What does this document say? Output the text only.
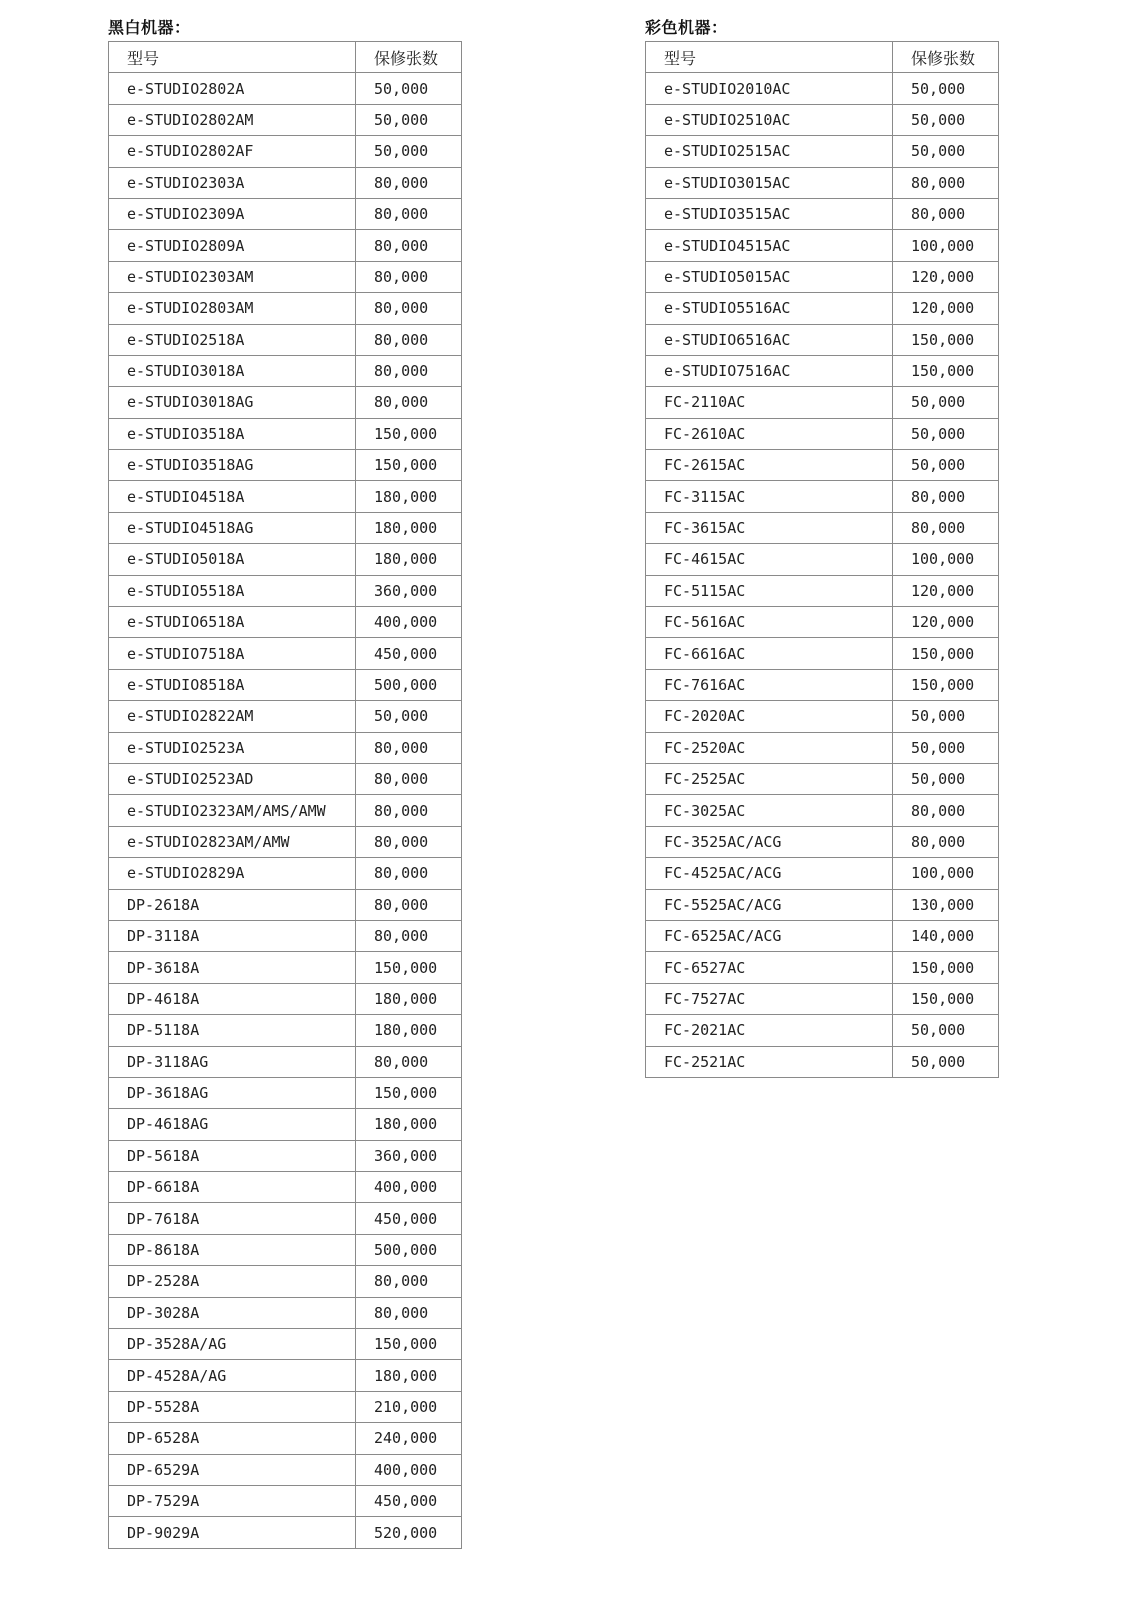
黑白机器：
型号	保修张数
e-STUDIO2802A	50,000
e-STUDIO2802AM	50,000
e-STUDIO2802AF	50,000
e-STUDIO2303A	80,000
e-STUDIO2309A	80,000
e-STUDIO2809A	80,000
e-STUDIO2303AM	80,000
e-STUDIO2803AM	80,000
e-STUDIO2518A	80,000
e-STUDIO3018A	80,000
e-STUDIO3018AG	80,000
e-STUDIO3518A	150,000
e-STUDIO3518AG	150,000
e-STUDIO4518A	180,000
e-STUDIO4518AG	180,000
e-STUDIO5018A	180,000
e-STUDIO5518A	360,000
e-STUDIO6518A	400,000
e-STUDIO7518A	450,000
e-STUDIO8518A	500,000
e-STUDIO2822AM	50,000
e-STUDIO2523A	80,000
e-STUDIO2523AD	80,000
e-STUDIO2323AM/AMS/AMW	80,000
e-STUDIO2823AM/AMW	80,000
e-STUDIO2829A	80,000
DP-2618A	80,000
DP-3118A	80,000
DP-3618A	150,000
DP-4618A	180,000
DP-5118A	180,000
DP-3118AG	80,000
DP-3618AG	150,000
DP-4618AG	180,000
DP-5618A	360,000
DP-6618A	400,000
DP-7618A	450,000
DP-8618A	500,000
DP-2528A	80,000
DP-3028A	80,000
DP-3528A/AG	150,000
DP-4528A/AG	180,000
DP-5528A	210,000
DP-6528A	240,000
DP-6529A	400,000
DP-7529A	450,000
DP-9029A	520,000
彩色机器：
型号	保修张数
e-STUDIO2010AC	50,000
e-STUDIO2510AC	50,000
e-STUDIO2515AC	50,000
e-STUDIO3015AC	80,000
e-STUDIO3515AC	80,000
e-STUDIO4515AC	100,000
e-STUDIO5015AC	120,000
e-STUDIO5516AC	120,000
e-STUDIO6516AC	150,000
e-STUDIO7516AC	150,000
FC-2110AC	50,000
FC-2610AC	50,000
FC-2615AC	50,000
FC-3115AC	80,000
FC-3615AC	80,000
FC-4615AC	100,000
FC-5115AC	120,000
FC-5616AC	120,000
FC-6616AC	150,000
FC-7616AC	150,000
FC-2020AC	50,000
FC-2520AC	50,000
FC-2525AC	50,000
FC-3025AC	80,000
FC-3525AC/ACG	80,000
FC-4525AC/ACG	100,000
FC-5525AC/ACG	130,000
FC-6525AC/ACG	140,000
FC-6527AC	150,000
FC-7527AC	150,000
FC-2021AC	50,000
FC-2521AC	50,000
